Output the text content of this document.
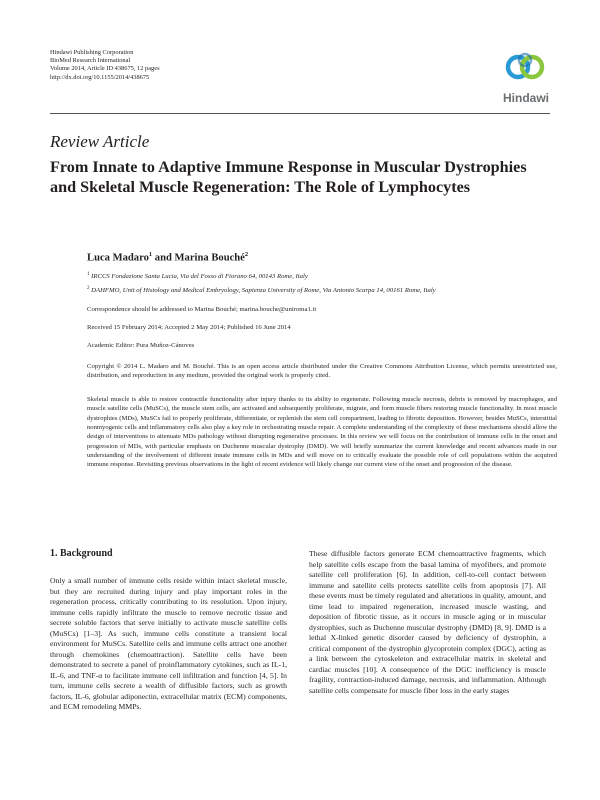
Hindawi Publishing Corporation
BioMed Research International
Volume 2014, Article ID 438675, 12 pages
http://dx.doi.org/10.1155/2014/438675
Hindawi
Review Article
From Innate to Adaptive Immune Response in Muscular Dystrophies and Skeletal Muscle Regeneration: The Role of Lymphocytes
Luca Madaro$^1$ and Marina Bouché$^2$
$^1$ IRCCS Fondazione Santa Lucia, Via del Fosso di Fiorano 64, 00143 Rome, Italy
$^2$ DAHFMO, Unit of Histology and Medical Embryology, Sapienza University of Rome, Via Antonio Scarpa 14, 00161 Rome, Italy
Correspondence should be addressed to Marina Bouché; marina.bouche@uniroma1.it
Received 15 February 2014; Accepted 2 May 2014; Published 16 June 2014
Academic Editor: Pura Muñoz-Cánoves
Copyright © 2014 L. Madaro and M. Bouché. This is an open access article distributed under the Creative Commons Attribution License, which permits unrestricted use, distribution, and reproduction in any medium, provided the original work is properly cited.
Skeletal muscle is able to restore contractile functionality after injury thanks to its ability to regenerate. Following muscle necrosis, debris is removed by macrophages, and muscle satellite cells (MuSCs), the muscle stem cells, are activated and subsequently proliferate, migrate, and form muscle fibers restoring muscle functionality. In most muscle dystrophies (MDs), MuSCs fail to properly proliferate, differentiate, or replenish the stem cell compartment, leading to fibrotic deposition. However, besides MuSCs, interstitial nonmyogenic cells and inflammatory cells also play a key role in orchestrating muscle repair. A complete understanding of the complexity of these mechanisms should allow the design of interventions to attenuate MDs pathology without disrupting regenerative processes. In this review we will focus on the contribution of immune cells in the onset and progression of MDs, with particular emphasis on Duchenne muscular dystrophy (DMD). We will briefly summarize the current knowledge and recent advances made in our understanding of the involvement of different innate immune cells in MDs and will move on to critically evaluate the possible role of cell populations within the acquired immune response. Revisiting previous observations in the light of recent evidence will likely change our current view of the onset and progression of the disease.
1. Background
Only a small number of immune cells reside within intact skeletal muscle, but they are recruited during injury and play important roles in the regeneration process, critically contributing to its resolution. Upon injury, immune cells rapidly infiltrate the muscle to remove necrotic tissue and secrete soluble factors that serve initially to activate muscle satellite cells (MuSCs) [1–3]. As such, immune cells constitute a transient local environment for MuSCs. Satellite cells and immune cells attract one another through chemokines (chemoattraction). Satellite cells have been demonstrated to secrete a panel of proinflammatory cytokines, such as IL-1, IL-6, and TNF-α to facilitate immune cell infiltration and function [4, 5]. In turn, immune cells secrete a wealth of diffusible factors, such as growth factors, IL-6, globular adiponectin, extracellular matrix (ECM) components, and ECM remodeling MMPs.
These diffusible factors generate ECM chemoattractive fragments, which help satellite cells escape from the basal lamina of myofibers, and promote satellite cell proliferation [6]. In addition, cell-to-cell contact between immune and satellite cells protects satellite cells from apoptosis [7]. All these events must be timely regulated and alterations in quality, amount, and time lead to impaired regeneration, increased muscle wasting, and deposition of fibrotic tissue, as it occurs in muscle aging or in muscular dystrophies, such as Duchenne muscular dystrophy (DMD) [8, 9]. DMD is a lethal X-linked genetic disorder caused by deficiency of dystrophin, a critical component of the dystrophin glycoprotein complex (DGC), acting as a link between the cytoskeleton and extracellular matrix in skeletal and cardiac muscles [10]. A consequence of the DGC inefficiency is muscle fragility, contraction-induced damage, necrosis, and inflammation. Although satellite cells compensate for muscle fiber loss in the early stages
